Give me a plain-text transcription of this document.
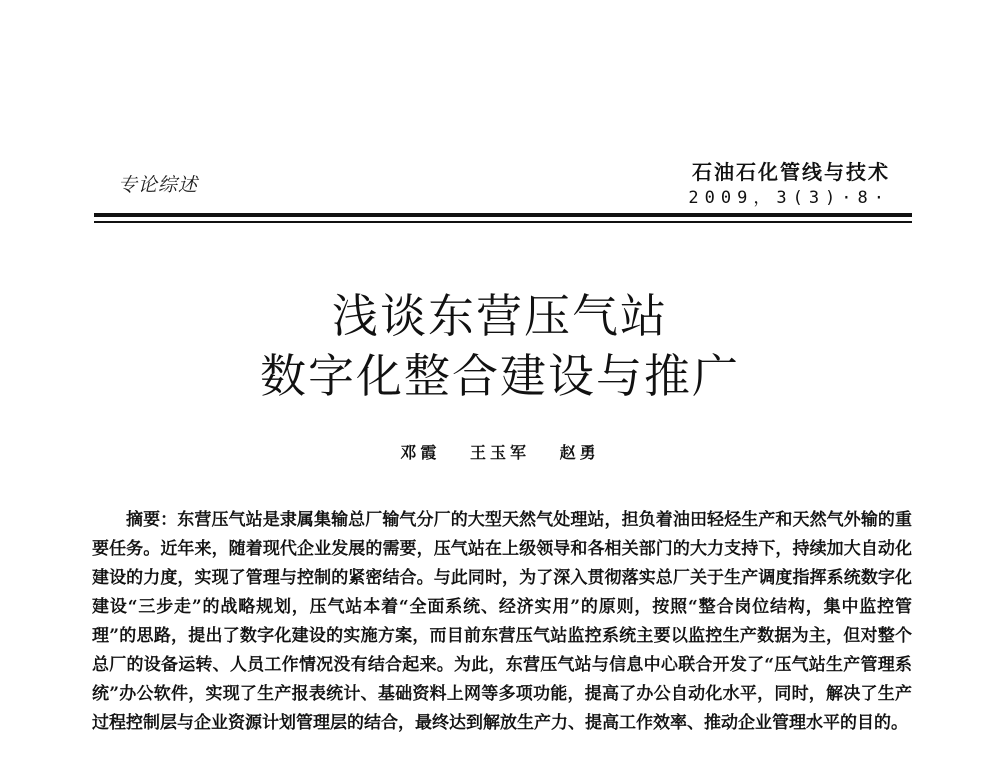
专论综述
石油石化管线与技术
2009，3(3)·8·
浅谈东营压气站
数字化整合建设与推广
邓霞 王玉军 赵勇
摘要：东营压气站是隶属集输总厂输气分厂的大型天然气处理站，担负着油田轻烃生产和天然气外输的重要任务。近年来，随着现代企业发展的需要，压气站在上级领导和各相关部门的大力支持下，持续加大自动化建设的力度，实现了管理与控制的紧密结合。与此同时，为了深入贯彻落实总厂关于生产调度指挥系统数字化建设“三步走”的战略规划，压气站本着“全面系统、经济实用”的原则，按照“整合岗位结构，集中监控管理”的思路，提出了数字化建设的实施方案，而目前东营压气站监控系统主要以监控生产数据为主，但对整个总厂的设备运转、人员工作情况没有结合起来。为此，东营压气站与信息中心联合开发了“压气站生产管理系统”办公软件，实现了生产报表统计、基础资料上网等多项功能，提高了办公自动化水平，同时，解决了生产过程控制层与企业资源计划管理层的结合，最终达到解放生产力、提高工作效率、推动企业管理水平的目的。
